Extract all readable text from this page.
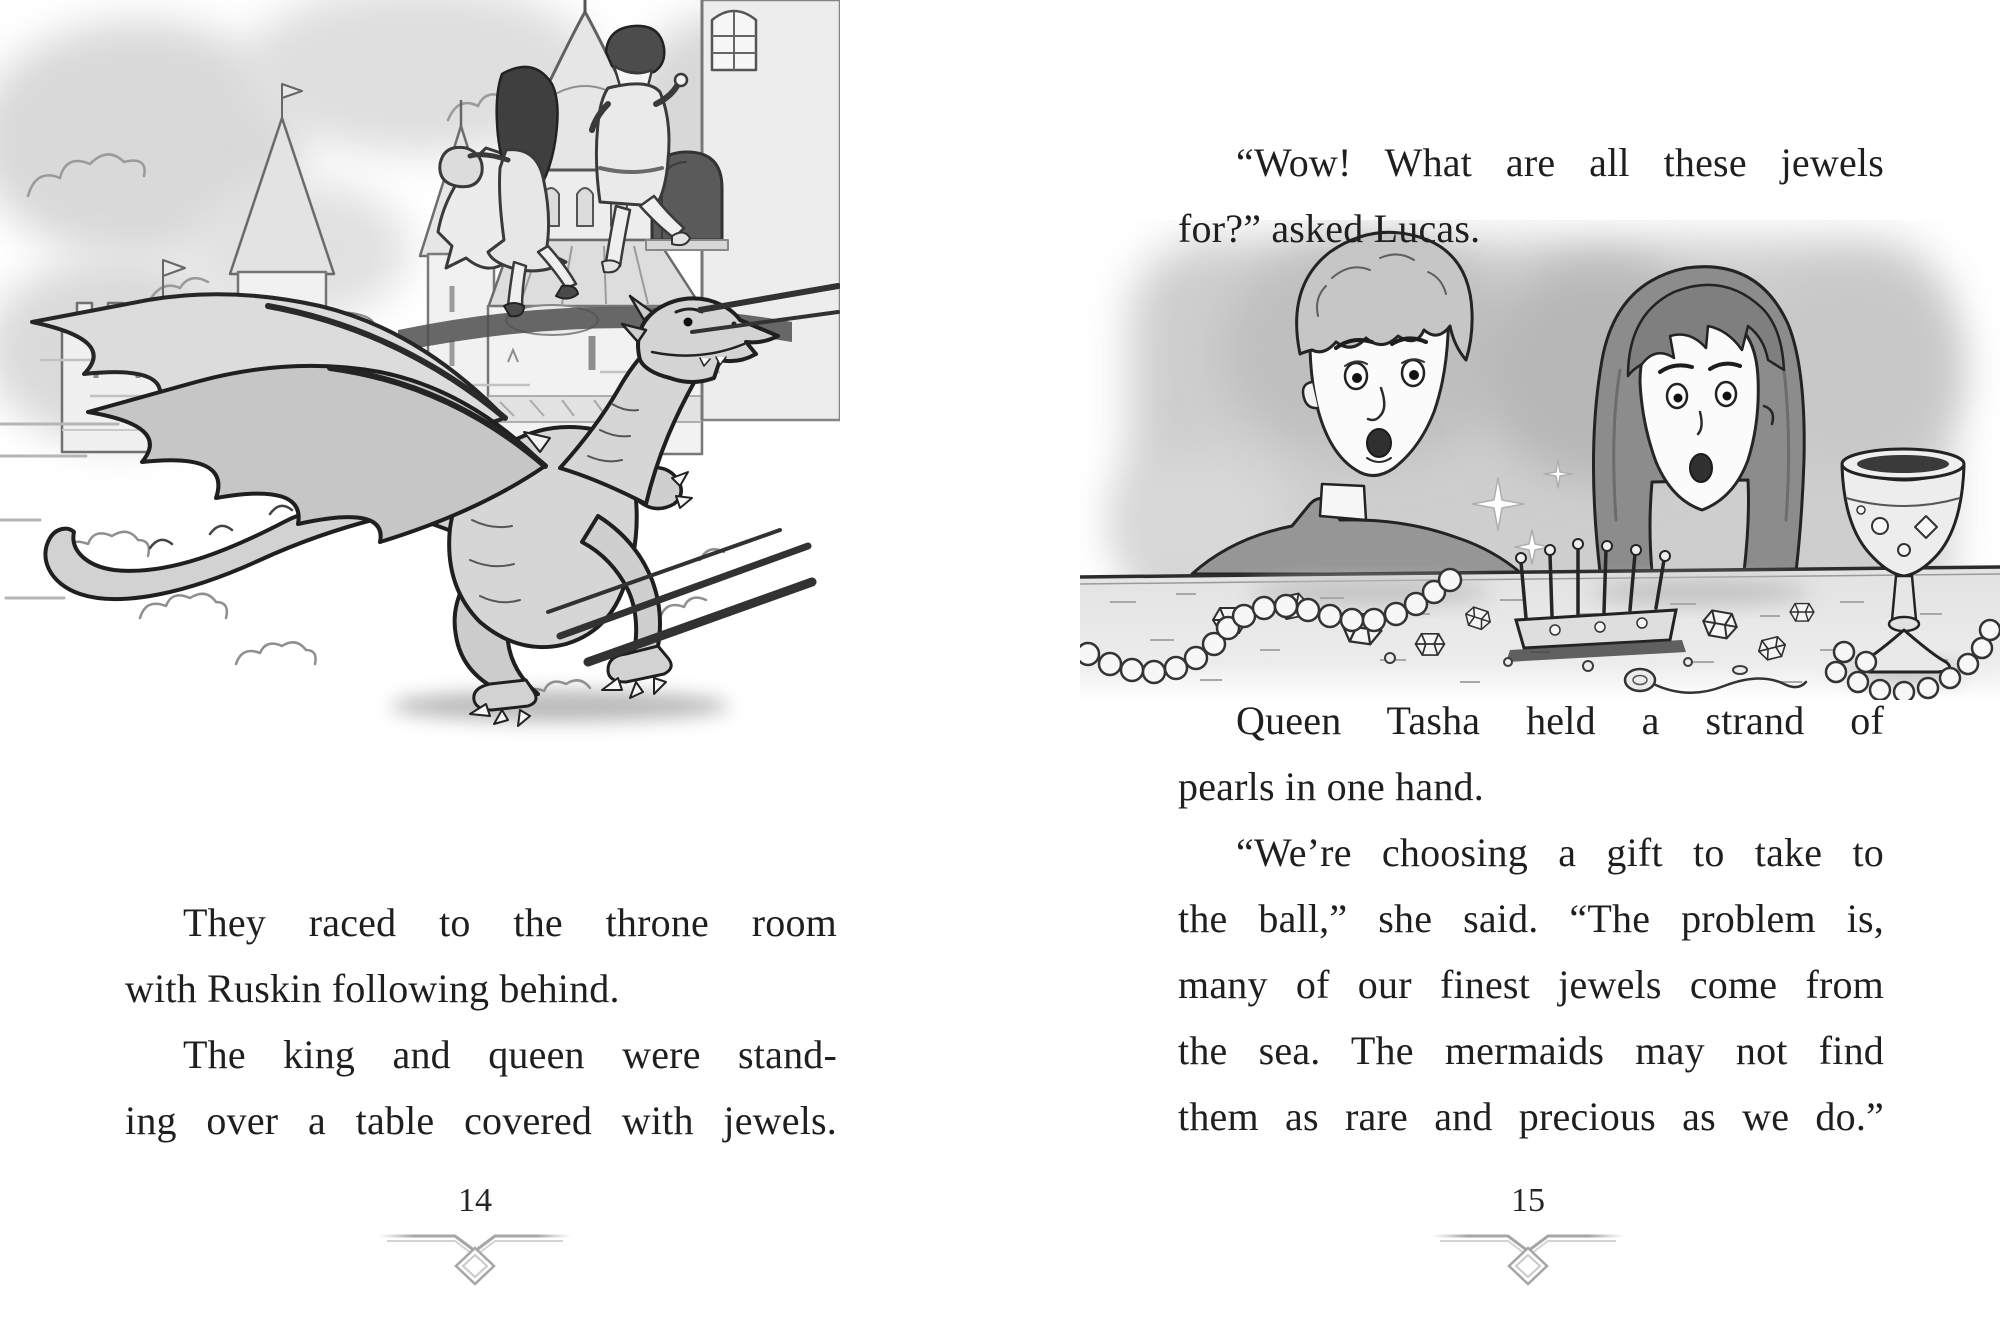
They raced to the throne room
with Ruskin following behind.
The king and queen were stand-
ing over a table covered with jewels.
14
“Wow! What are all these jewels
for?” asked Lucas.
Queen Tasha held a strand of
pearls in one hand.
“We’re choosing a gift to take to
the ball,” she said. “The problem is,
many of our finest jewels come from
the sea. The mermaids may not find
them as rare and precious as we do.”
15
